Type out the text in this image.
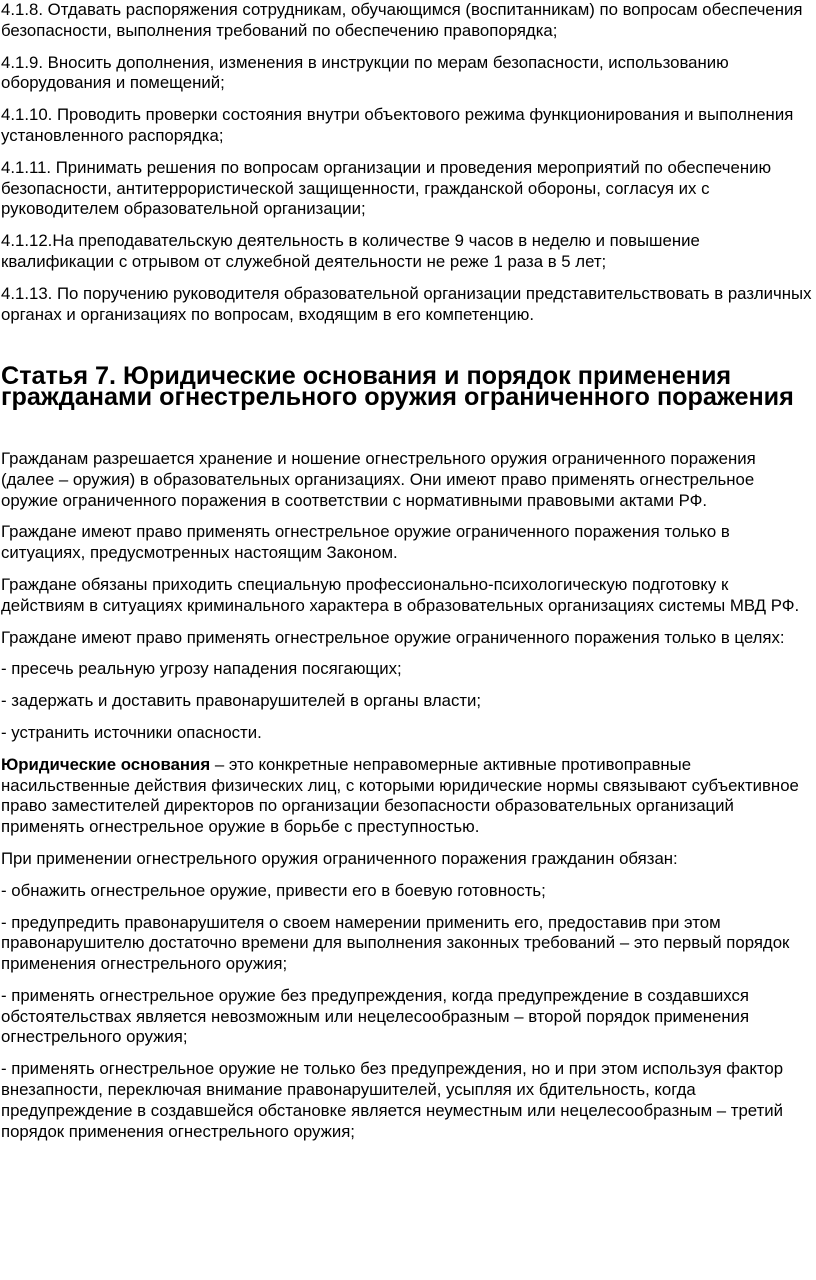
4.1.8. Отдавать распоряжения сотрудникам, обучающимся (воспитанникам) по вопросам обеспечения безопасности, выполнения требований по обеспечению правопорядка;

4.1.9. Вносить дополнения, изменения в инструкции по мерам безопасности, использованию оборудования и помещений;

4.1.10. Проводить проверки состояния внутри объектового режима функционирования и выполнения установленного распорядка;

4.1.11. Принимать решения по вопросам организации и проведения мероприятий по обеспечению безопасности, антитеррористической защищенности, гражданской обороны, согласуя их с руководителем образовательной организации;

4.1.12.На преподавательскую деятельность в количестве 9 часов в неделю и повышение квалификации с отрывом от служебной деятельности не реже 1 раза в 5 лет;

4.1.13. По поручению руководителя образовательной организации представительствовать в различных органах и организациях по вопросам, входящим в его компетенцию.

Статья 7. Юридические основания и порядок применения гражданами огнестрельного оружия ограниченного поражения

Гражданам разрешается хранение и ношение огнестрельного оружия ограниченного поражения (далее – оружия) в образовательных организациях. Они имеют право применять огнестрельное оружие ограниченного поражения в соответствии с нормативными правовыми актами РФ.

Граждане имеют право применять огнестрельное оружие ограниченного поражения только в ситуациях, предусмотренных настоящим Законом.

Граждане обязаны приходить специальную профессионально-психологическую подготовку к действиям в ситуациях криминального характера в образовательных организациях системы МВД РФ.

Граждане имеют право применять огнестрельное оружие ограниченного поражения только в целях:

- пресечь реальную угрозу нападения посягающих;

- задержать и доставить правонарушителей в органы власти;

- устранить источники опасности.

Юридические основания – это конкретные неправомерные активные противоправные насильственные действия физических лиц, с которыми юридические нормы связывают субъективное право заместителей директоров по организации безопасности образовательных организаций применять огнестрельное оружие в борьбе с преступностью.

При применении огнестрельного оружия ограниченного поражения гражданин обязан:

- обнажить огнестрельное оружие, привести его в боевую готовность;

- предупредить правонарушителя о своем намерении применить его, предоставив при этом правонарушителю достаточно времени для выполнения законных требований – это первый порядок применения огнестрельного оружия;

- применять огнестрельное оружие без предупреждения, когда предупреждение в создавшихся обстоятельствах является невозможным или нецелесообразным – второй порядок применения огнестрельного оружия;

- применять огнестрельное оружие не только без предупреждения, но и при этом используя фактор внезапности, переключая внимание правонарушителей, усыпляя их бдительность, когда предупреждение в создавшейся обстановке является неуместным или нецелесообразным – третий порядок применения огнестрельного оружия;
